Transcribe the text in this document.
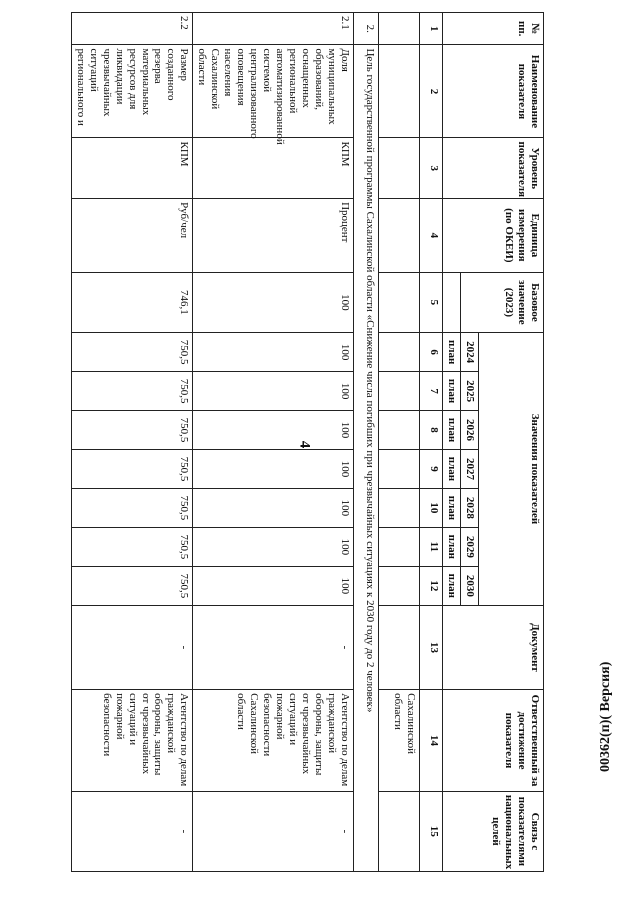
4
00362(п)( Версия)
№ пп.	Наименование показателя	Уровень показателя	Единица измерения (по ОКЕИ)	Базовое значение (2023)	Значения показателей							Документ	Ответственный за достижение показателя	Связь с показателями национальных целей
					2024	2025	2026	2027	2028	2029	2030			
					план	план	план	план	план	план	план			
1	2	3	4	5	6	7	8	9	10	11	12	13	14	15
													Сахалинской области	
2.	Цель государственной программы Сахалинской области «Снижение числа погибших при чрезвычайных ситуациях к 2030 году до 2 человек»													
2.1	Доля муниципальных образований, оснащенных региональной автоматизированной системой централизованного оповещения населения Сахалинской области	КПМ	Процент	100	100	100	100	100	100	100	100	-	Агентство по делам гражданской обороны, защиты от чрезвычайных ситуаций и пожарной безопасности Сахалинской области	-
2.2	Размер созданного резерва материальных ресурсов для ликвидации чрезвычайных ситуаций регионального и	КПМ	Руб/чел	746,1	750,5	750,5	750,5	750,5	750,5	750,5	750,5	-	Агентство по делам гражданской обороны, защиты от чрезвычайных ситуаций и пожарной безопасности	-
